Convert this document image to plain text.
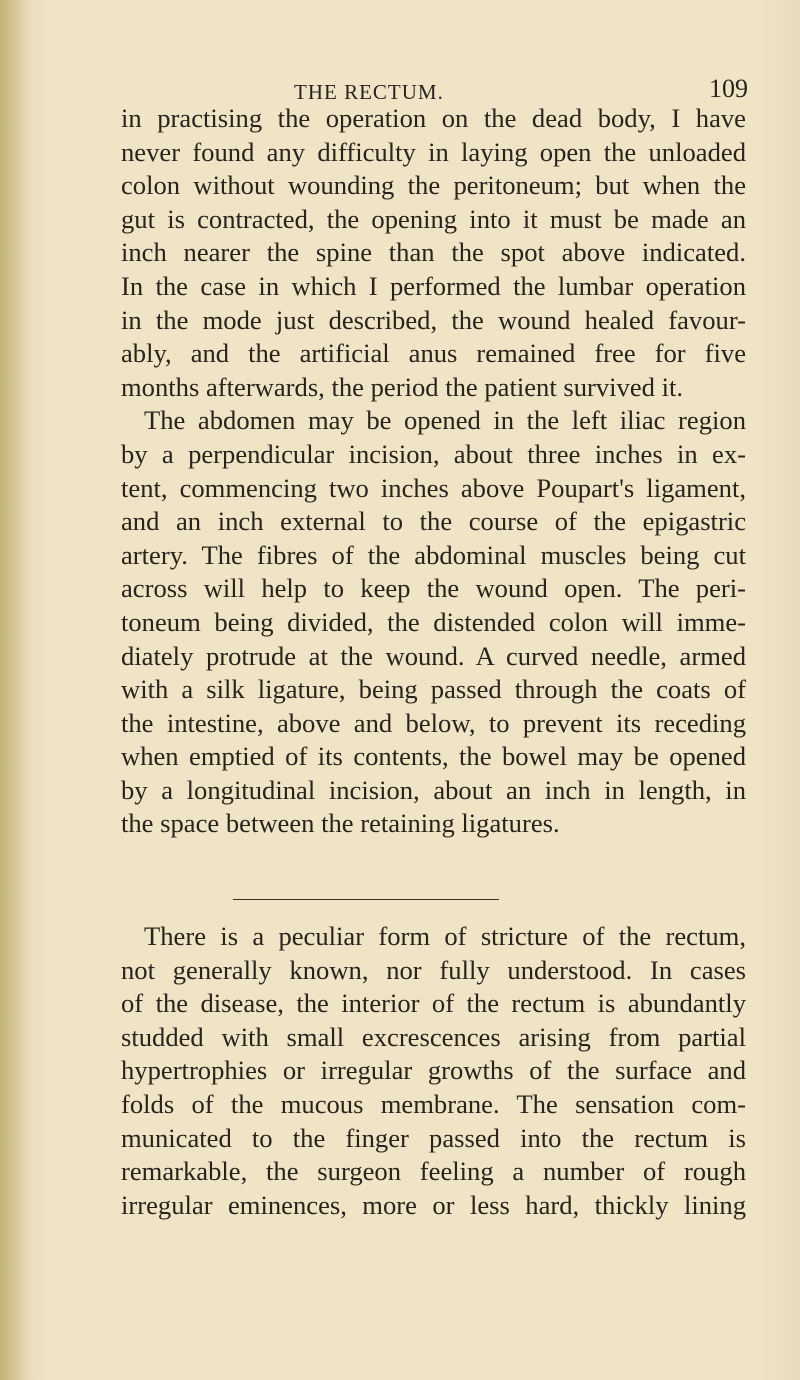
THE RECTUM.	109
in practising the operation on the dead body, I have
never found any difficulty in laying open the unloaded
colon without wounding the peritoneum; but when the
gut is contracted, the opening into it must be made an
inch nearer the spine than the spot above indicated.
In the case in which I performed the lumbar operation
in the mode just described, the wound healed favour-
ably, and the artificial anus remained free for five
months afterwards, the period the patient survived it.
The abdomen may be opened in the left iliac region
by a perpendicular incision, about three inches in ex-
tent, commencing two inches above Poupart's ligament,
and an inch external to the course of the epigastric
artery. The fibres of the abdominal muscles being cut
across will help to keep the wound open. The peri-
toneum being divided, the distended colon will imme-
diately protrude at the wound. A curved needle, armed
with a silk ligature, being passed through the coats of
the intestine, above and below, to prevent its receding
when emptied of its contents, the bowel may be opened
by a longitudinal incision, about an inch in length, in
the space between the retaining ligatures.
There is a peculiar form of stricture of the rectum,
not generally known, nor fully understood. In cases
of the disease, the interior of the rectum is abundantly
studded with small excrescences arising from partial
hypertrophies or irregular growths of the surface and
folds of the mucous membrane. The sensation com-
municated to the finger passed into the rectum is
remarkable, the surgeon feeling a number of rough
irregular eminences, more or less hard, thickly lining
